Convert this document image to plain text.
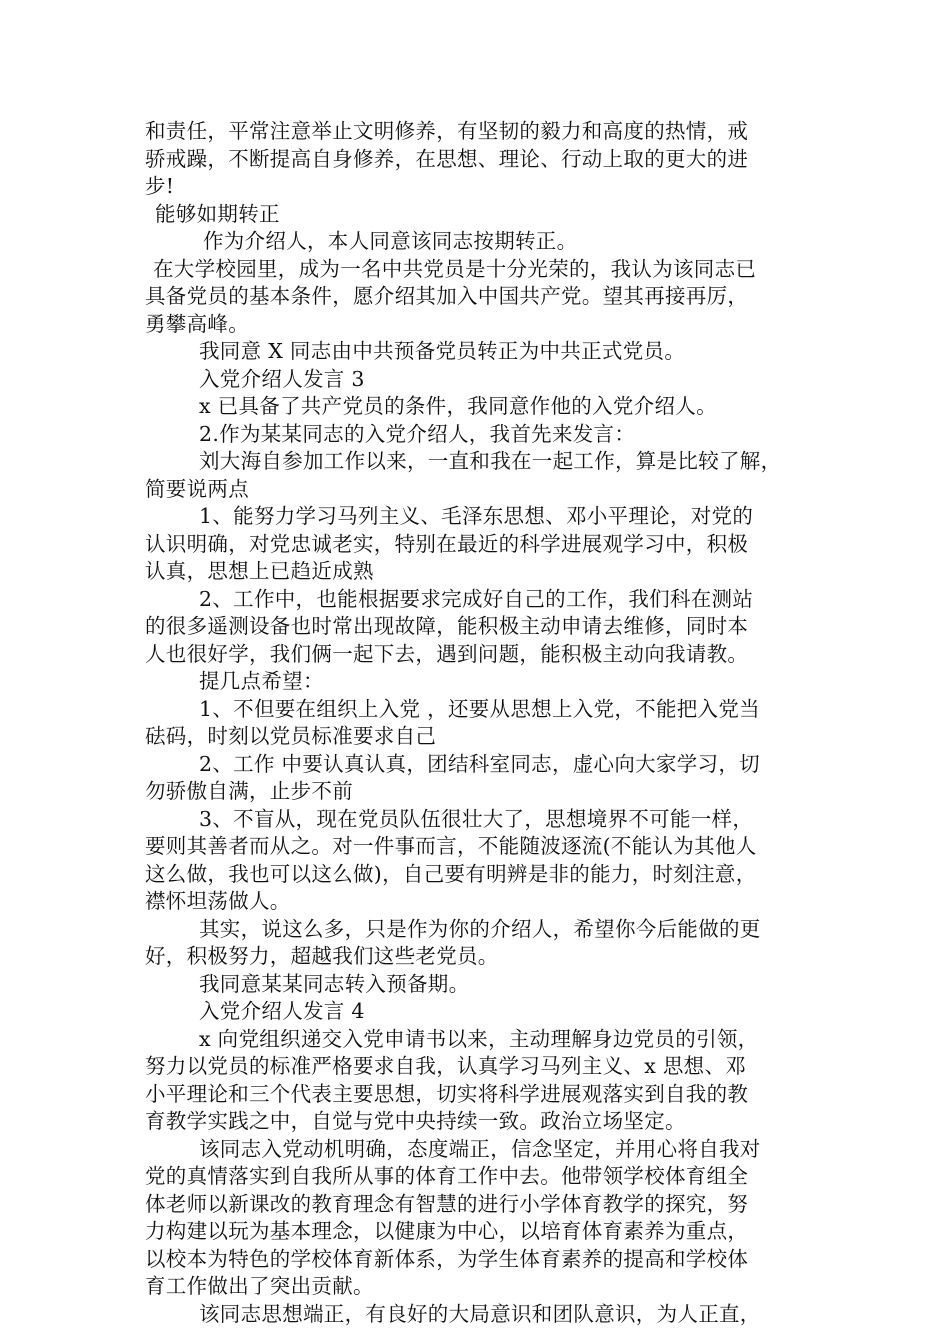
和责任，平常注意举止文明修养，有坚韧的毅力和高度的热情，戒
骄戒躁，不断提高自身修养，在思想、理论、行动上取的更大的进
步!
能够如期转正
作为介绍人，本人同意该同志按期转正。
在大学校园里，成为一名中共党员是十分光荣的，我认为该同志已
具备党员的基本条件，愿介绍其加入中国共产党。望其再接再厉，
勇攀高峰。
我同意 X 同志由中共预备党员转正为中共正式党员。
入党介绍人发言 3
x 已具备了共产党员的条件，我同意作他的入党介绍人。
2.作为某某同志的入党介绍人，我首先来发言：
刘大海自参加工作以来，一直和我在一起工作，算是比较了解，
简要说两点
1、能努力学习马列主义、毛泽东思想、邓小平理论，对党的
认识明确，对党忠诚老实，特别在最近的科学进展观学习中，积极
认真，思想上已趋近成熟
2、工作中，也能根据要求完成好自己的工作，我们科在测站
的很多遥测设备也时常出现故障，能积极主动申请去维修，同时本
人也很好学，我们俩一起下去，遇到问题，能积极主动向我请教。
提几点希望：
1、不但要在组织上入党 ，还要从思想上入党，不能把入党当
砝码，时刻以党员标准要求自己
2、工作 中要认真认真，团结科室同志，虚心向大家学习，切
勿骄傲自满，止步不前
3、不盲从，现在党员队伍很壮大了，思想境界不可能一样，
要则其善者而从之。对一件事而言，不能随波逐流(不能认为其他人
这么做，我也可以这么做)，自己要有明辨是非的能力，时刻注意，
襟怀坦荡做人。
其实，说这么多，只是作为你的介绍人，希望你今后能做的更
好，积极努力，超越我们这些老党员。
我同意某某同志转入预备期。
入党介绍人发言 4
x 向党组织递交入党申请书以来，主动理解身边党员的引领，
努力以党员的标准严格要求自我，认真学习马列主义、x 思想、邓
小平理论和三个代表主要思想，切实将科学进展观落实到自我的教
育教学实践之中，自觉与党中央持续一致。政治立场坚定。
该同志入党动机明确，态度端正，信念坚定，并用心将自我对
党的真情落实到自我所从事的体育工作中去。他带领学校体育组全
体老师以新课改的教育理念有智慧的进行小学体育教学的探究，努
力构建以玩为基本理念，以健康为中心，以培育体育素养为重点，
以校本为特色的学校体育新体系，为学生体育素养的提高和学校体
育工作做出了突出贡献。
该同志思想端正，有良好的大局意识和团队意识，为人正直，
